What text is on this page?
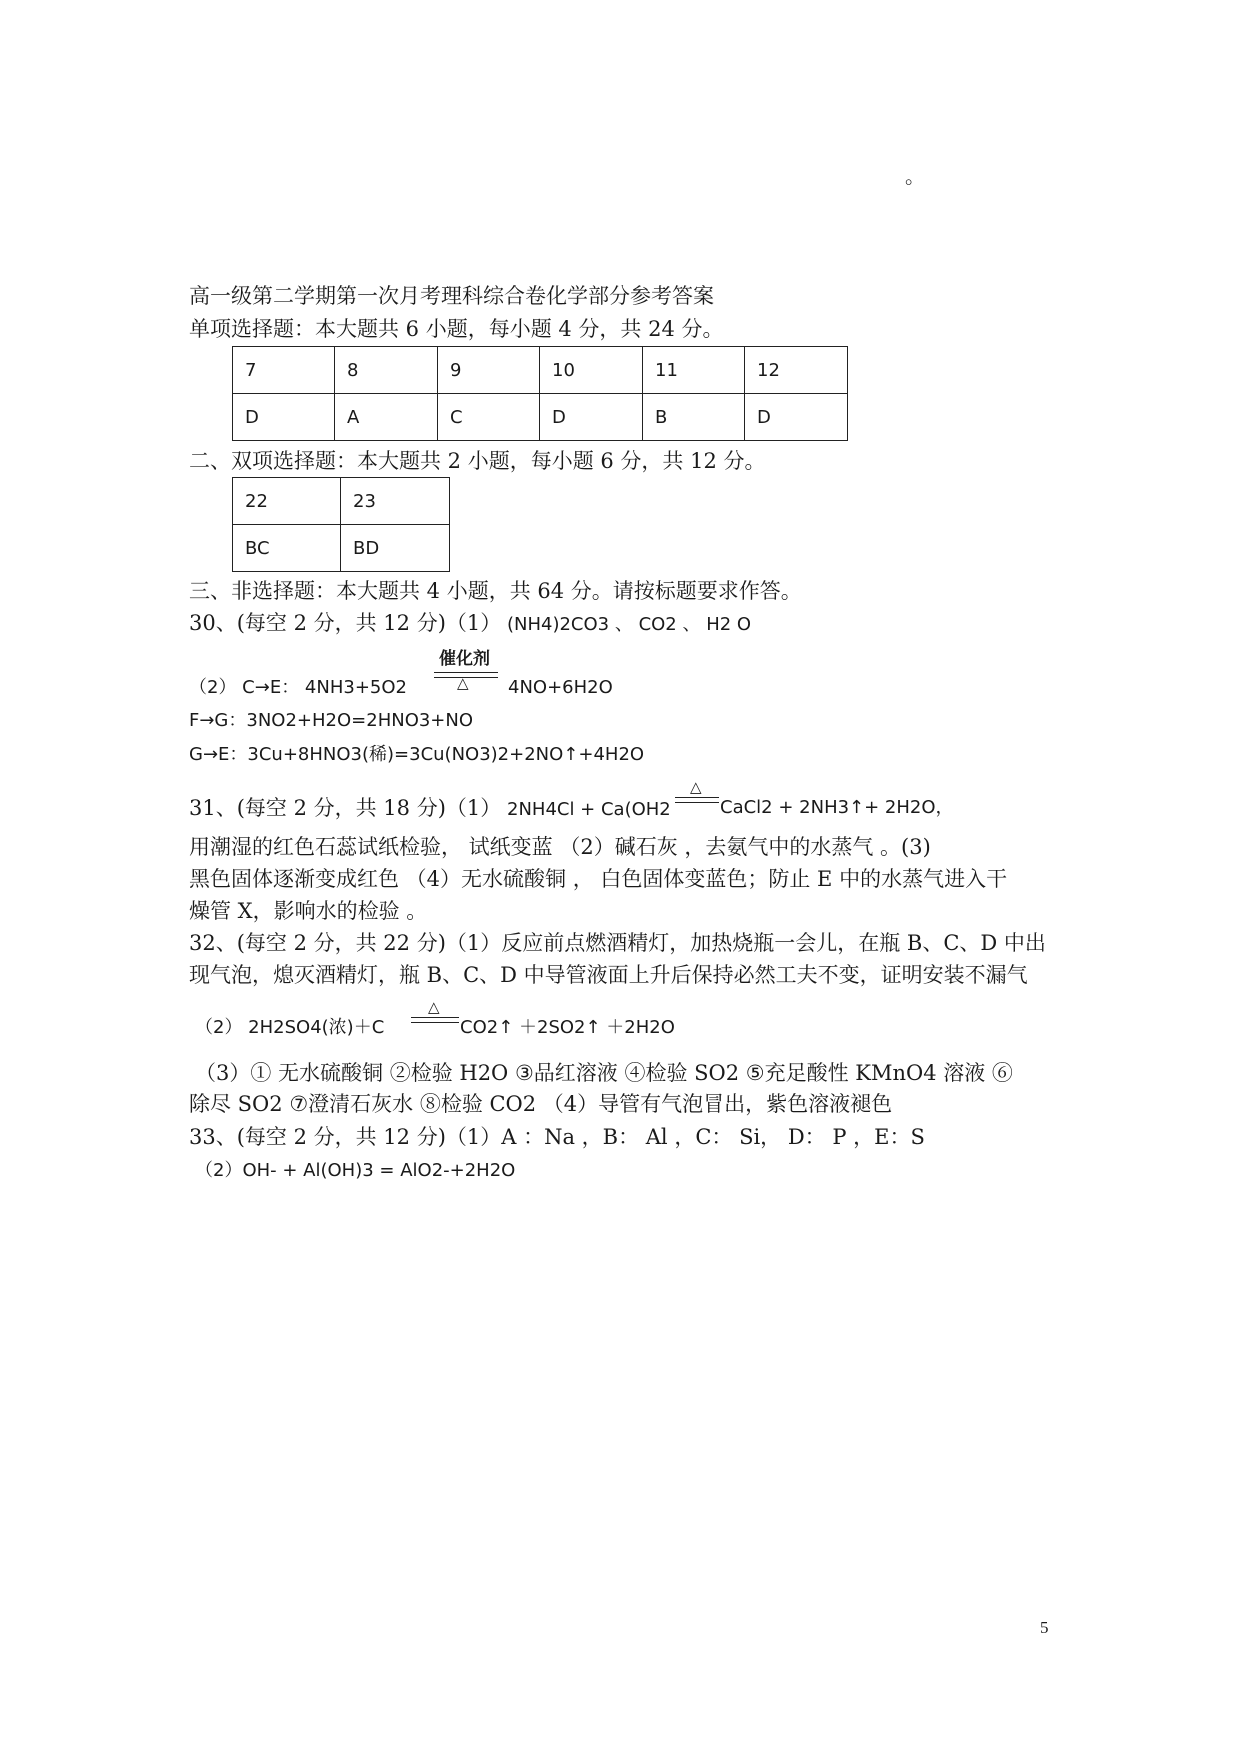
。
高一级第二学期第一次月考理科综合卷化学部分参考答案
单项选择题：本大题共 6 小题，每小题 4 分，共 24 分。
7	8	9	10	11	12
D	A	C	D	B	D
二、双项选择题：本大题共 2 小题，每小题 6 分，共 12 分。
22	23
BC	BD
三、非选择题：本大题共 4 小题，共 64 分。请按标题要求作答。
30、(每空 2 分，共 12 分)（1） (NH4)2CO3 、 CO2 、 H2 O
（2） C→E： 4NH3+5O2
催化剂
△ 4NO+6H2O
F→G：3NO2+H2O=2HNO3+NO
G→E：3Cu+8HNO3(稀)=3Cu(NO3)2+2NO↑+4H2O
31、(每空 2 分，共 18 分)（1） 2NH4Cl + Ca(OH2
△
CaCl2 + 2NH3↑+ 2H2O，
用潮湿的红色石蕊试纸检验， 试纸变蓝 （2）碱石灰 ，去氨气中的水蒸气 。(3)
黑色固体逐渐变成红色 （4）无水硫酸铜 ， 白色固体变蓝色；防止 E 中的水蒸气进入干
燥管 X，影响水的检验 。
32、(每空 2 分，共 22 分)（1）反应前点燃酒精灯，加热烧瓶一会儿，在瓶 B、C、D 中出
现气泡，熄灭酒精灯，瓶 B、C、D 中导管液面上升后保持必然工夫不变，证明安装不漏气
（2） 2H2SO4(浓)＋C
△
CO2↑ ＋2SO2↑ ＋2H2O
（3）① 无水硫酸铜 ②检验 H2O ③品红溶液 ④检验 SO2 ⑤充足酸性 KMnO4 溶液 ⑥
除尽 SO2 ⑦澄清石灰水 ⑧检验 CO2 （4）导管有气泡冒出，紫色溶液褪色
33、(每空 2 分，共 12 分)（1）A ：Na ，B： Al ，C： Si， D： P ，E：S
（2）OH- + Al(OH)3 = AlO2-+2H2O
5
